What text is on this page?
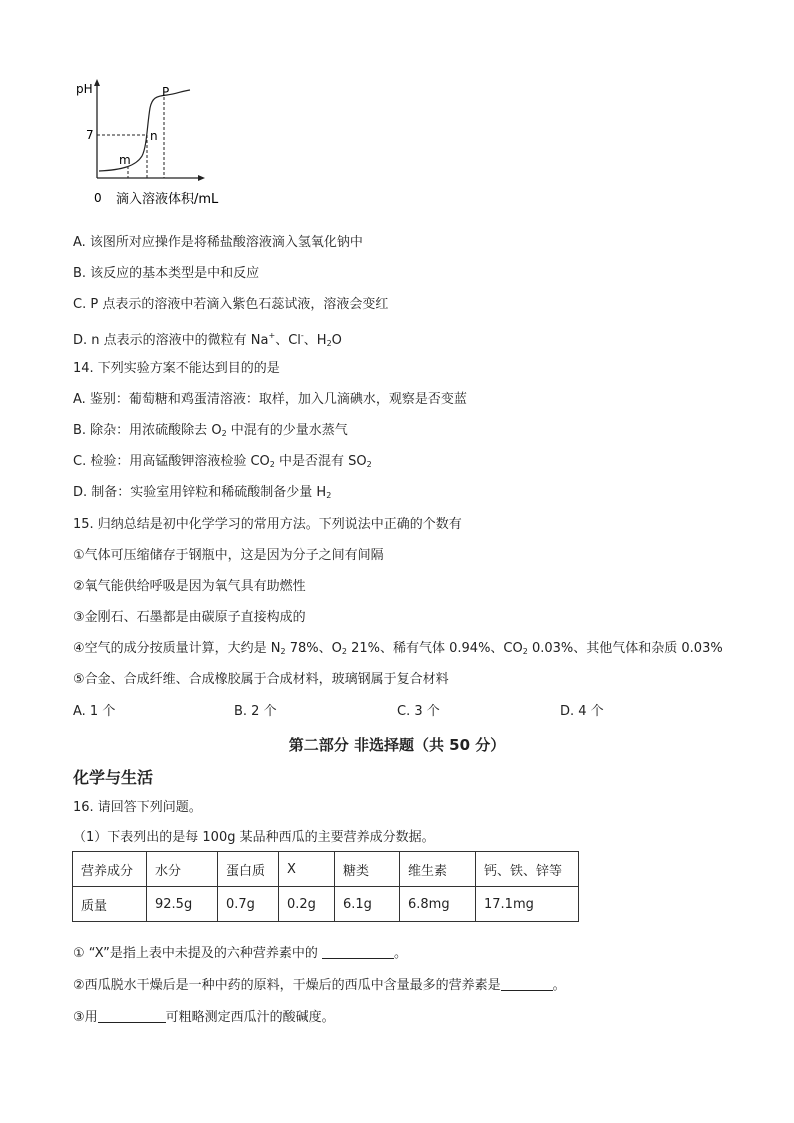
pH
7
m
n
P
0 滴入溶液体积/mL
A. 该图所对应操作是将稀盐酸溶液滴入氢氧化钠中
B. 该反应的基本类型是中和反应
C. P 点表示的溶液中若滴入紫色石蕊试液，溶液会变红
D. n 点表示的溶液中的微粒有 Na+、Cl-、$H_2O$
14. 下列实验方案不能达到目的的是
A. 鉴别：葡萄糖和鸡蛋清溶液：取样，加入几滴碘水，观察是否变蓝
B. 除杂：用浓硫酸除去 $O_2$ 中混有的少量水蒸气
C. 检验：用高锰酸钾溶液检验 $CO_2$ 中是否混有 $SO_2$
D. 制备：实验室用锌粒和稀硫酸制备少量 $H_2$
15. 归纳总结是初中化学学习的常用方法。下列说法中正确的个数有
①气体可压缩储存于钢瓶中，这是因为分子之间有间隔
②氧气能供给呼吸是因为氧气具有助燃性
③金刚石、石墨都是由碳原子直接构成的
④空气的成分按质量计算，大约是 $N_2$ 78%、$O_2$ 21%、稀有气体 0.94%、$CO_2$ 0.03%、其他气体和杂质 0.03%
⑤合金、合成纤维、合成橡胶属于合成材料，玻璃钢属于复合材料
A. 1 个	B. 2 个	C. 3 个	D. 4 个
第二部分 非选择题（共 50 分）
化学与生活
16. 请回答下列问题。
（1）下表列出的是每 100g 某品种西瓜的主要营养成分数据。
营养成分	水分	蛋白质	X	糖类	维生素	钙、铁、锌等
质量	92.5g	0.7g	0.2g	6.1g	6.8mg	17.1mg
① “X”是指上表中未提及的六种营养素中的	。
②西瓜脱水干燥后是一种中药的原料，干燥后的西瓜中含量最多的营养素是	。
③用	可粗略测定西瓜汁的酸碱度。
